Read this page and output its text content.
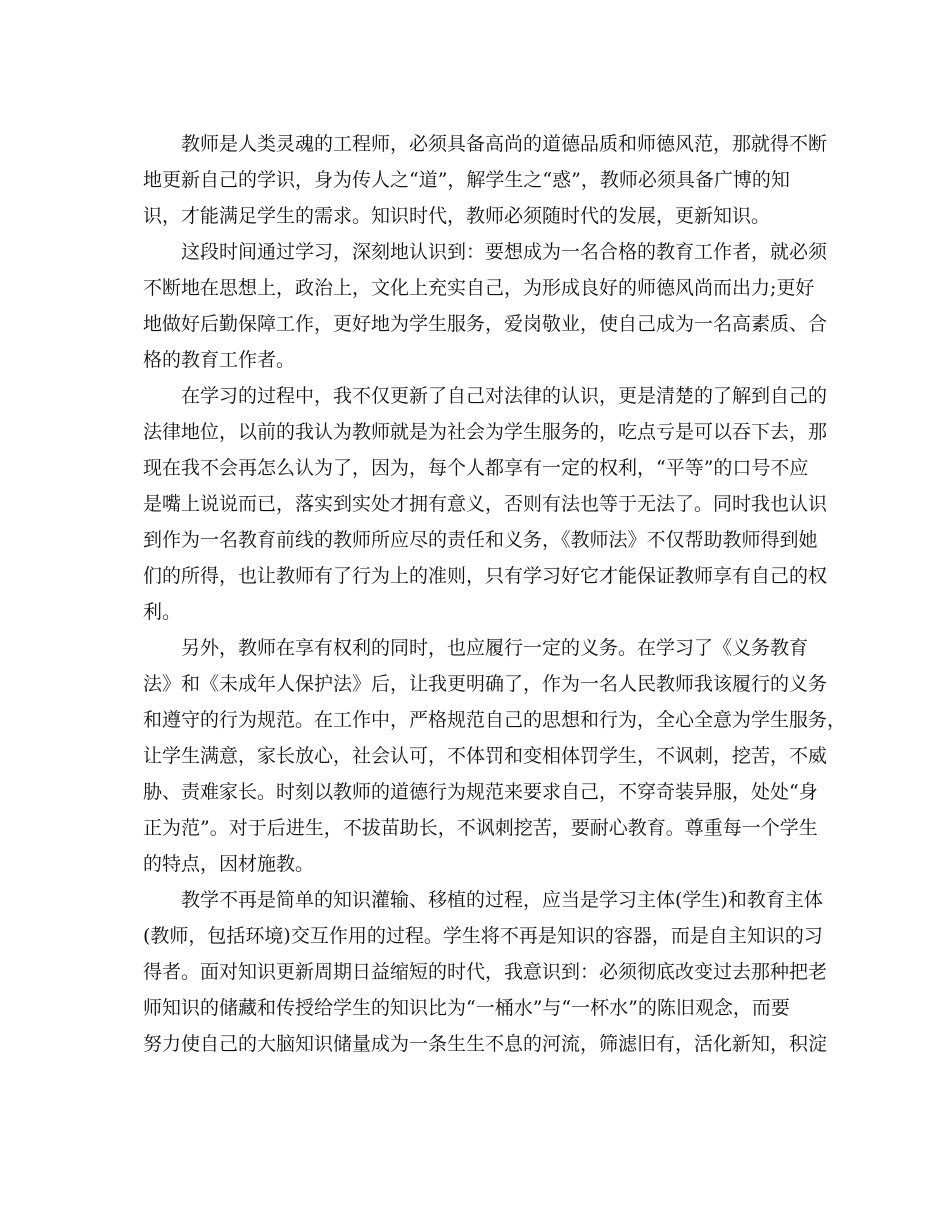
　　教师是人类灵魂的工程师，必须具备高尚的道德品质和师德风范，那就得不断
地更新自己的学识，身为传人之“道”，解学生之“惑”，教师必须具备广博的知
识，才能满足学生的需求。知识时代，教师必须随时代的发展，更新知识。
　　这段时间通过学习，深刻地认识到：要想成为一名合格的教育工作者，就必须
不断地在思想上，政治上，文化上充实自己，为形成良好的师德风尚而出力;更好
地做好后勤保障工作，更好地为学生服务，爱岗敬业，使自己成为一名高素质、合
格的教育工作者。
　　在学习的过程中，我不仅更新了自己对法律的认识，更是清楚的了解到自己的
法律地位，以前的我认为教师就是为社会为学生服务的，吃点亏是可以吞下去，那
现在我不会再怎么认为了，因为，每个人都享有一定的权利，“平等”的口号不应
是嘴上说说而已，落实到实处才拥有意义，否则有法也等于无法了。同时我也认识
到作为一名教育前线的教师所应尽的责任和义务，《教师法》不仅帮助教师得到她
们的所得，也让教师有了行为上的准则，只有学习好它才能保证教师享有自己的权
利。
　　另外，教师在享有权利的同时，也应履行一定的义务。在学习了《义务教育
法》和《未成年人保护法》后，让我更明确了，作为一名人民教师我该履行的义务
和遵守的行为规范。在工作中，严格规范自己的思想和行为，全心全意为学生服务，
让学生满意，家长放心，社会认可，不体罚和变相体罚学生，不讽刺，挖苦，不威
胁、责难家长。时刻以教师的道德行为规范来要求自己，不穿奇装异服，处处“身
正为范”。对于后进生，不拔苗助长，不讽刺挖苦，要耐心教育。尊重每一个学生
的特点，因材施教。
　　教学不再是简单的知识灌输、移植的过程，应当是学习主体(学生)和教育主体
(教师，包括环境)交互作用的过程。学生将不再是知识的容器，而是自主知识的习
得者。面对知识更新周期日益缩短的时代，我意识到：必须彻底改变过去那种把老
师知识的储藏和传授给学生的知识比为“一桶水”与“一杯水”的陈旧观念，而要
努力使自己的大脑知识储量成为一条生生不息的河流，筛滤旧有，活化新知，积淀
